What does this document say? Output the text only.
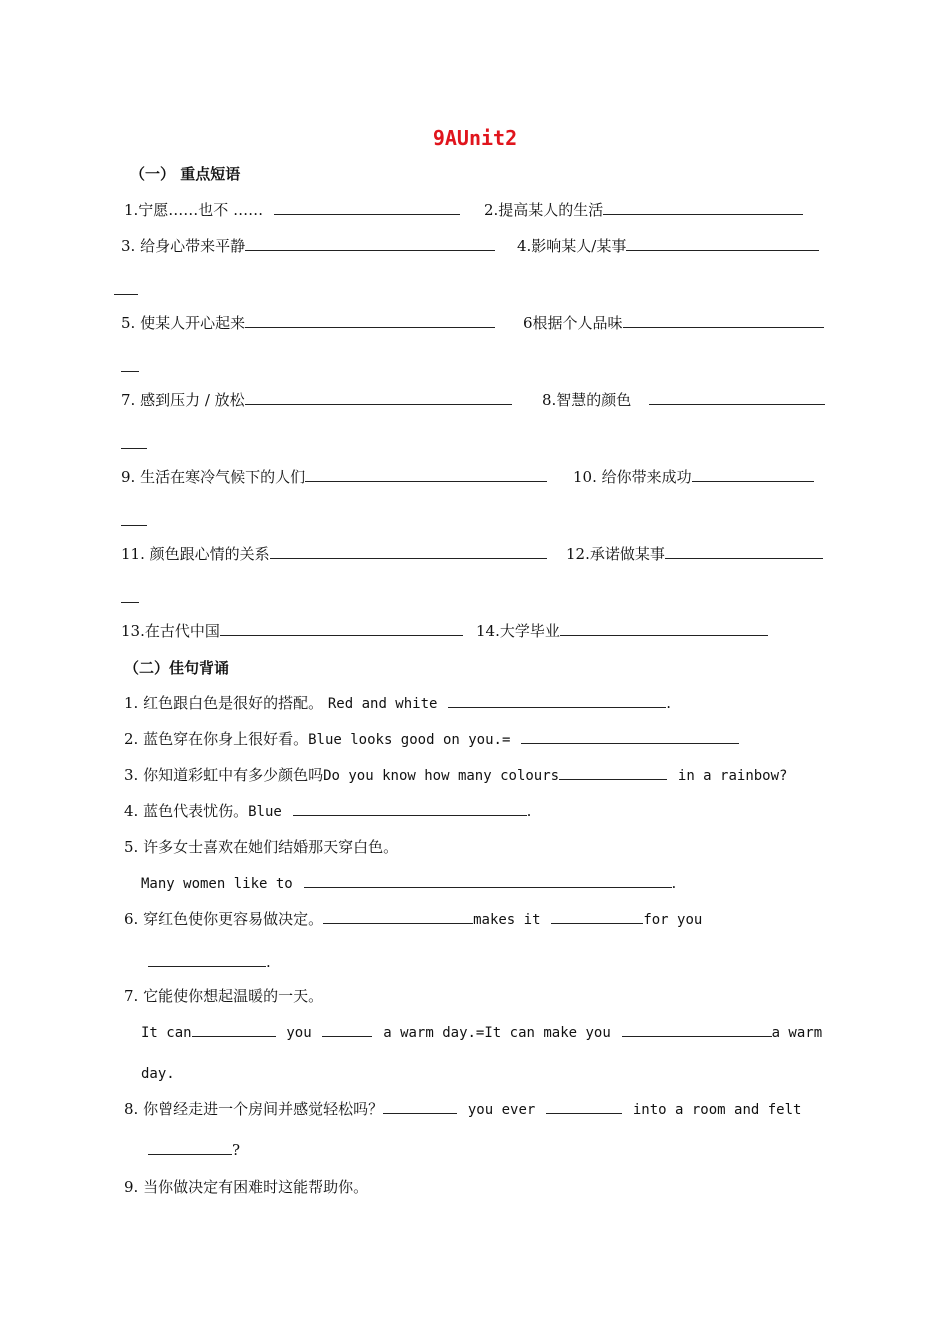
9AUnit2
（一） 重点短语
1.宁愿……也不 ……	2.提高某人的生活
3. 给身心带来平静	4.影响某人/某事
5. 使某人开心起来	6根据个人品味
7. 感到压力 / 放松	8.智慧的颜色
9. 生活在寒冷气候下的人们	10. 给你带来成功
11. 颜色跟心情的关系	12.承诺做某事
13.在古代中国	14.大学毕业
（二）佳句背诵
1. 红色跟白色是很好的搭配。 Red and white	.
2. 蓝色穿在你身上很好看。Blue looks good on you.=
3. 你知道彩虹中有多少颜色吗Do you know how many colours	in a rainbow?
4. 蓝色代表忧伤。Blue	.
5. 许多女士喜欢在她们结婚那天穿白色。
Many women like to	.
6. 穿红色使你更容易做决定。	makes it	for you
.
7. 它能使你想起温暖的一天。
It can	you	a warm day.=It can make you	a warm
day.
8. 你曾经走进一个房间并感觉轻松吗？	you ever	into a room and felt
?
9. 当你做决定有困难时这能帮助你。
